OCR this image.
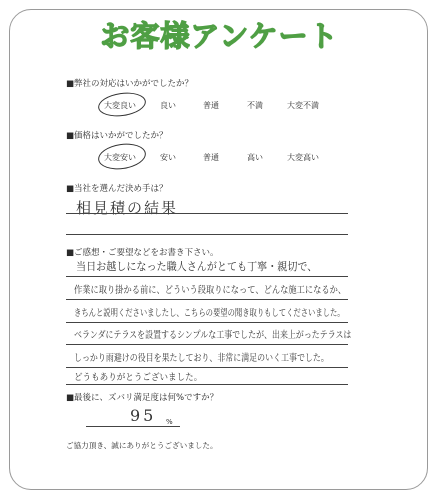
お客様アンケート
■弊社の対応はいかがでしたか？
大変良い	良い	普通	不満	大変不満
■価格はいかがでしたか？
大変安い	安い	普通	高い	大変高い
■当社を選んだ決め手は？
相見積の結果
■ご感想・ご要望などをお書き下さい。
当日お越しになった職人さんがとても丁寧・親切で、
作業に取り掛かる前に、どういう段取りになって、どんな施工になるか、
きちんと説明くださいましたし、こちらの要望の聞き取りもしてくださいました。
ベランダにテラスを設置するシンプルな工事でしたが、出来上がったテラスは
しっかり雨避けの役目を果たしており、非常に満足のいく工事でした。
どうもありがとうございました。
■最後に、ズバリ満足度は何%ですか？
95 %
ご協力頂き、誠にありがとうございました。
